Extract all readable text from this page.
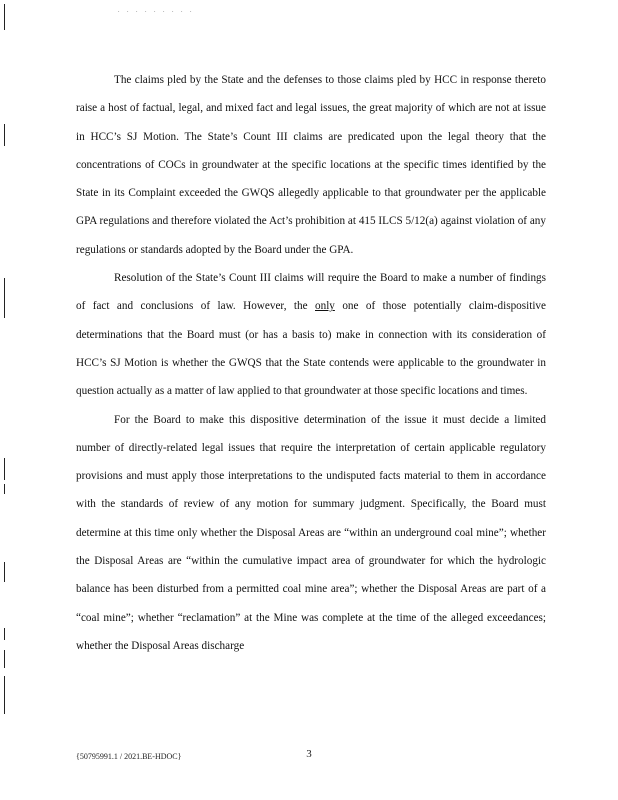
. . . . . . . . .

The claims pled by the State and the defenses to those claims pled by HCC in response thereto raise a host of factual, legal, and mixed fact and legal issues, the great majority of which are not at issue in HCC’s SJ Motion. The State’s Count III claims are predicated upon the legal theory that the concentrations of COCs in groundwater at the specific locations at the specific times identified by the State in its Complaint exceeded the GWQS allegedly applicable to that groundwater per the applicable GPA regulations and therefore violated the Act’s prohibition at 415 ILCS 5/12(a) against violation of any regulations or standards adopted by the Board under the GPA.

Resolution of the State’s Count III claims will require the Board to make a number of findings of fact and conclusions of law. However, the only one of those potentially claim-dispositive determinations that the Board must (or has a basis to) make in connection with its consideration of HCC’s SJ Motion is whether the GWQS that the State contends were applicable to the groundwater in question actually as a matter of law applied to that groundwater at those specific locations and times.

For the Board to make this dispositive determination of the issue it must decide a limited number of directly-related legal issues that require the interpretation of certain applicable regulatory provisions and must apply those interpretations to the undisputed facts material to them in accordance with the standards of review of any motion for summary judgment. Specifically, the Board must determine at this time only whether the Disposal Areas are “within an underground coal mine”; whether the Disposal Areas are “within the cumulative impact area of groundwater for which the hydrologic balance has been disturbed from a permitted coal mine area”; whether the Disposal Areas are part of a “coal mine”; whether “reclamation” at the Mine was complete at the time of the alleged exceedances; whether the Disposal Areas discharge

{50795991.1 / 2021.BE-HDOC}	3
